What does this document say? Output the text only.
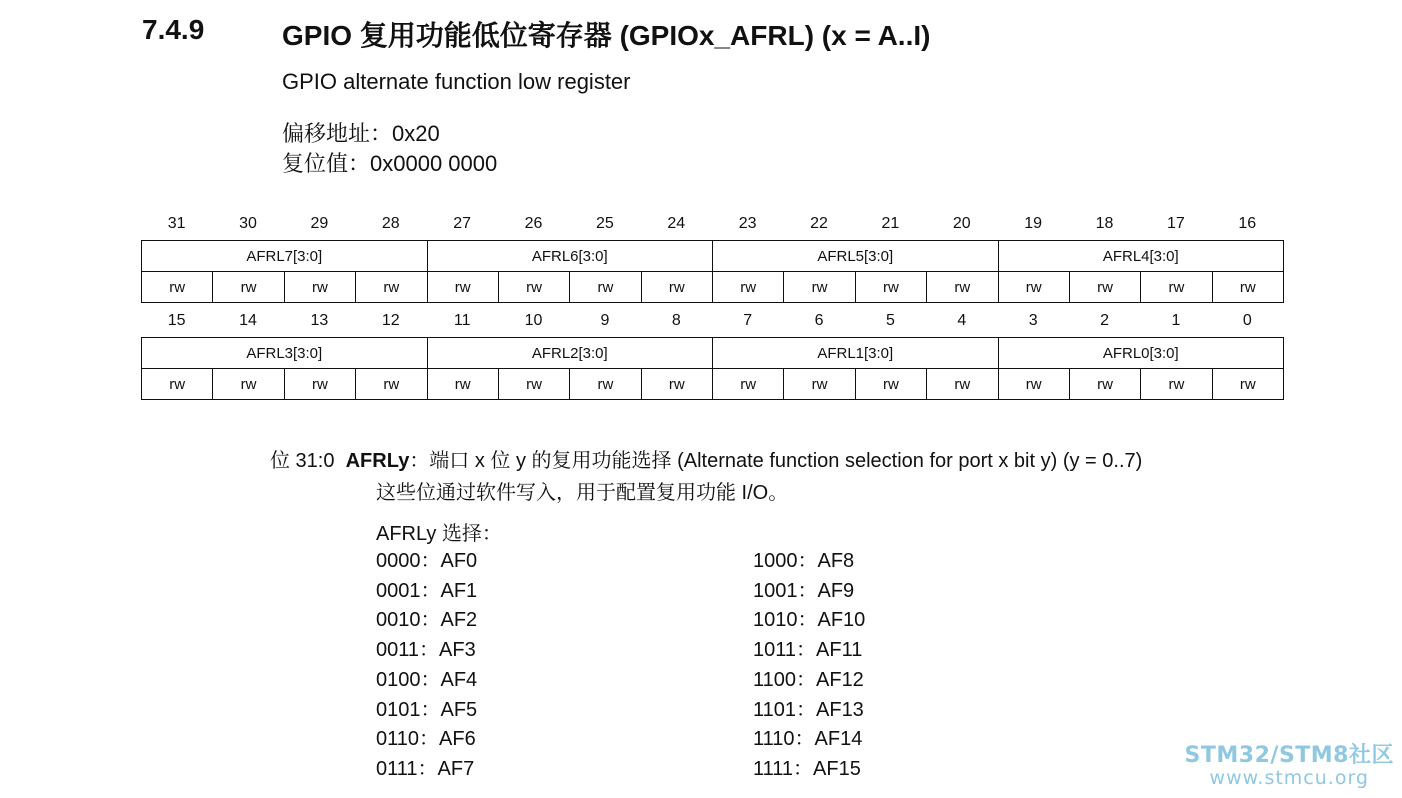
7.4.9	GPIO 复用功能低位寄存器 (GPIOx_AFRL) (x = A..I)
GPIO alternate function low register
偏移地址：0x20
复位值：0x0000 0000
31	30	29	28	27	26	25	24	23	22	21	20	19	18	17	16
AFRL7[3:0]				AFRL6[3:0]				AFRL5[3:0]				AFRL4[3:0]			
rw	rw	rw	rw	rw	rw	rw	rw	rw	rw	rw	rw	rw	rw	rw	rw
15	14	13	12	11	10	9	8	7	6	5	4	3	2	1	0
AFRL3[3:0]				AFRL2[3:0]				AFRL1[3:0]				AFRL0[3:0]			
rw	rw	rw	rw	rw	rw	rw	rw	rw	rw	rw	rw	rw	rw	rw	rw
位 31:0 AFRLy：端口 x 位 y 的复用功能选择 (Alternate function selection for port x bit y) (y = 0..7)
这些位通过软件写入，用于配置复用功能 I/O。
AFRLy 选择：
0000：AF0
0001：AF1
0010：AF2
0011：AF3
0100：AF4
0101：AF5
0110：AF6
0111：AF7
1000：AF8
1001：AF9
1010：AF10
1011：AF11
1100：AF12
1101：AF13
1110：AF14
1111：AF15
STM32/STM8社区
www.stmcu.org
